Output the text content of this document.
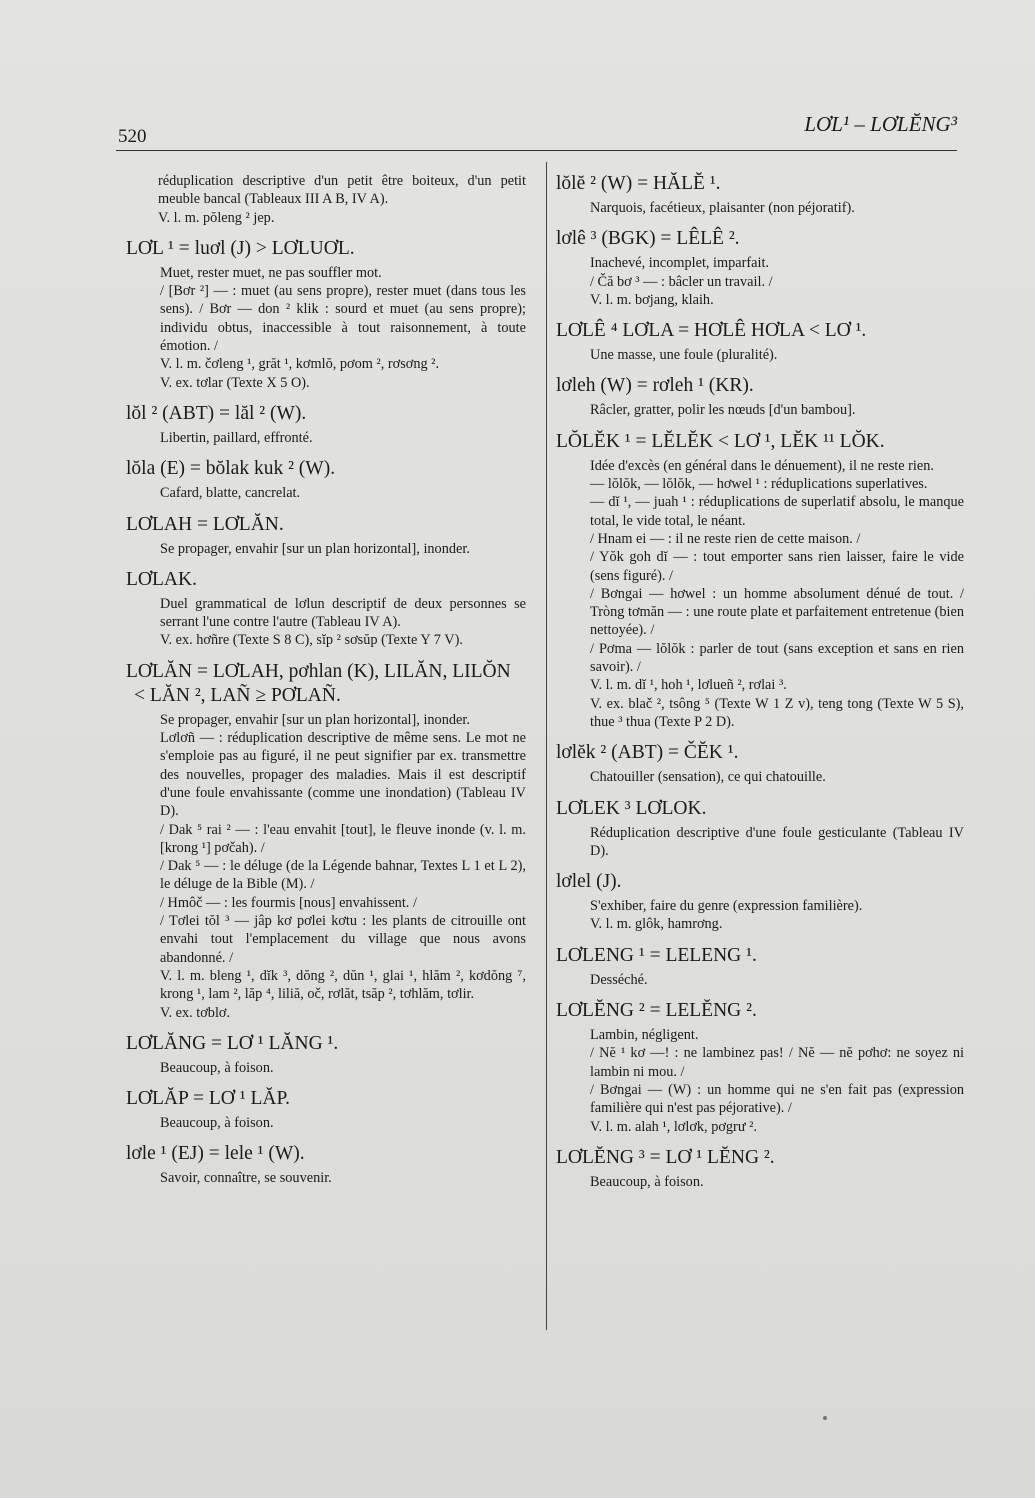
520
LƠL¹ – LƠLĔNG³
réduplication descriptive d'un petit être boiteux, d'un petit meuble bancal (Tableaux III A B, IV A).
V. l. m. pŏleng ² jep.
LƠL ¹ = luơl (J) > LƠLUƠL.
Muet, rester muet, ne pas souffler mot.
/ [Bơr ²] — : muet (au sens propre), rester muet (dans tous les sens). / Bơr — don ² klik : sourd et muet (au sens propre); individu obtus, inaccessible à tout raisonnement, à toute émotion. /
V. l. m. čơleng ¹, grăt ¹, kơmlŏ, pơom ², rơsơng ².
V. ex. tơlar (Texte X 5 O).
lŏl ² (ABT) = lăl ² (W).
Libertin, paillard, effronté.
lŏla (E) = bŏlak kuk ² (W).
Cafard, blatte, cancrelat.
LƠLAH = LƠLĂN.
Se propager, envahir [sur un plan horizontal], inonder.
LƠLAK.
Duel grammatical de lơlun descriptif de deux personnes se serrant l'une contre l'autre (Tableau IV A).
V. ex. hơñre (Texte S 8 C), sĭp ² sơsŭp (Texte Y 7 V).
LƠLĂN = LƠLAH, pơhlan (K), LILĂN, LILŎN < LĂN ², LAÑ ≥ PƠLAÑ.
Se propager, envahir [sur un plan horizontal], inonder.
Lơlơñ — : réduplication descriptive de même sens. Le mot ne s'emploie pas au figuré, il ne peut signifier par ex. transmettre des nouvelles, propager des maladies. Mais il est descriptif d'une foule envahissante (comme une inondation) (Tableau IV D).
/ Dak ⁵ rai ² — : l'eau envahit [tout], le fleuve inonde (v. l. m. [krong ¹] pơčah). /
/ Dak ⁵ — : le déluge (de la Légende bahnar, Textes L 1 et L 2), le déluge de la Bible (M). /
/ Hmôč — : les fourmis [nous] envahissent. /
/ Tơlei tŏl ³ — jâp kơ pơlei kơtu : les plants de citrouille ont envahi tout l'emplacement du village que nous avons abandonné. /
V. l. m. bleng ¹, dĭk ³, dŏng ², dŭn ¹, glai ¹, hlăm ², kơdŏng ⁷, krong ¹, lam ², lăp ⁴, liliă, oč, rơlăt, tsăp ², tơhlăm, tơlir.
V. ex. tơblơ.
LƠLĂNG = LƠ ¹ LĂNG ¹.
Beaucoup, à foison.
LƠLĂP = LƠ ¹ LĂP.
Beaucoup, à foison.
lơle ¹ (EJ) = lele ¹ (W).
Savoir, connaître, se souvenir.
lŏlĕ ² (W) = HĂLĔ ¹.
Narquois, facétieux, plaisanter (non péjoratif).
lơlê ³ (BGK) = LÊLÊ ².
Inachevé, incomplet, imparfait.
/ Čă bơ ³ — : bâcler un travail. /
V. l. m. bơjang, klaih.
LƠLÊ ⁴ LƠLA = HƠLÊ HƠLA < LƠ ¹.
Une masse, une foule (pluralité).
lơleh (W) = rơleh ¹ (KR).
Râcler, gratter, polir les nœuds [d'un bambou].
LŎLĔK ¹ = LĔLĔK < LƠ ¹, LĔK ¹¹ LŎK.
Idée d'excès (en général dans le dénuement), il ne reste rien.
— lŏlŏk, — lŏlŏk, — hơwel ¹ : réduplications superlatives.
— dĭ ¹, — juah ¹ : réduplications de superlatif absolu, le manque total, le vide total, le néant.
/ Hnam ei — : il ne reste rien de cette maison. /
/ Yŏk goh dĭ — : tout emporter sans rien laisser, faire le vide (sens figuré). /
/ Bơngai — hơwel : un homme absolument dénué de tout. / Tròng tơmăn — : une route plate et parfaitement entretenue (bien nettoyée). /
/ Pơma — lŏlŏk : parler de tout (sans exception et sans en rien savoir). /
V. l. m. dĭ ¹, hoh ¹, lơlueñ ², rơlai ³.
V. ex. blač ², tsông ⁵ (Texte W 1 Z v), teng tong (Texte W 5 S), thue ³ thua (Texte P 2 D).
lơlĕk ² (ABT) = ČĔK ¹.
Chatouiller (sensation), ce qui chatouille.
LƠLEK ³ LƠLOK.
Réduplication descriptive d'une foule gesticulante (Tableau IV D).
lơlel (J).
S'exhiber, faire du genre (expression familière).
V. l. m. glôk, hamrơng.
LƠLENG ¹ = LELENG ¹.
Desséché.
LƠLĔNG ² = LELĔNG ².
Lambin, négligent.
/ Nĕ ¹ kơ —! : ne lambinez pas! / Nĕ — nĕ pơhơ: ne soyez ni lambin ni mou. /
/ Bơngai — (W) : un homme qui ne s'en fait pas (expression familière qui n'est pas péjorative). /
V. l. m. alah ¹, lơlơk, pơgrư ².
LƠLĔNG ³ = LƠ ¹ LĔNG ².
Beaucoup, à foison.
